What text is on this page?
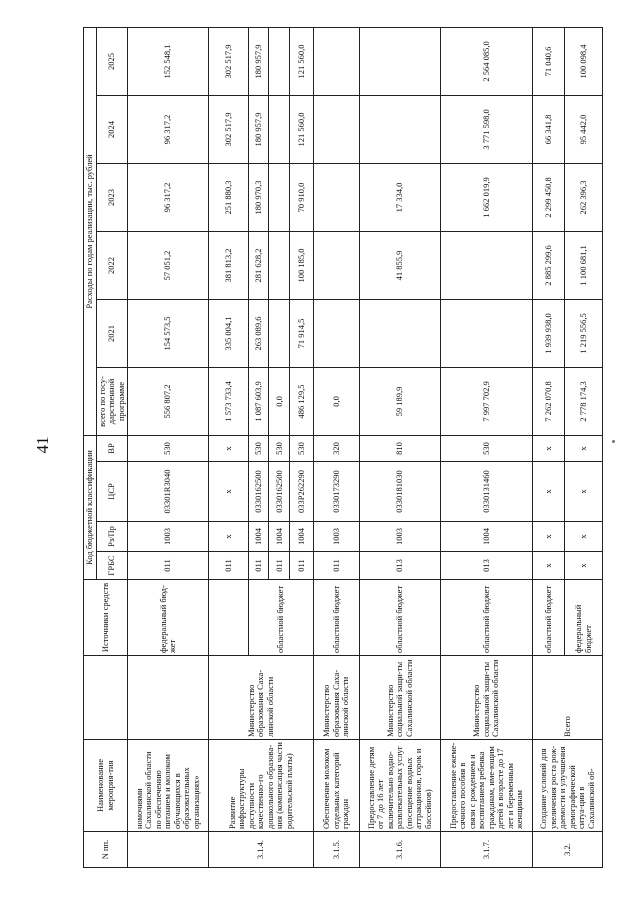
41
N пп.	Наименование мероприя-тия		Источники средств	Код бюджетной классификации				Расходы по годам реализации, тыс. рублей					
				ГРБС	Рз/Пр	ЦСР	ВР	всего по госу-дарственной программе	2021	2022	2023	2024	2025
	номочиями Сахалинской области по обеспечению питанием и молоком обучающихся в образовательных организациях»		федеральный бюд-жет	011	1003	03301R3040	530	556 807,2	154 573,5	57 051,2	96 317,2	96 317,2	152 548,1
3.1.4.	Развитие инфраструктуры доступности качественно-го дошкольного образова-ния (компенсация части родительской платы)	Министерство образования Саха-линской области		011	x	x	x	1 573 733,4	335 004,1	381 813,2	251 880,3	302 517,9	302 517,9
			областной бюджет	011	1004	0330162500	530	1 087 603,9	263 089,6	281 628,2	180 970,3	180 957,9	180 957,9
				011	1004	0330162500	530	0,0					
				011	1004	033P262290	530	486 129,5	71 914,5	100 185,0	70 910,0	121 560,0	121 560,0
3.1.5.	Обеспечение молоком отдельных категорий граждан	Министерство образования Саха-линской области	областной бюджет	011	1003	0330173290	320	0,0					
3.1.6.	Предоставление детям от 7 до 16 лет включительно водно-развлекательных услуг (посещение водных аттракционов, горок и бассейнов)	Министерство социальной защи-ты Сахалинской области	областной бюджет	013	1003	0330181030	810	59 189,9		41 855,9	17 334,0		
3.1.7.	Предоставление ежеме-сячного пособия в связи с рождением и воспитанием ребенка гражданам, име-ющим детей в возрасте до 17 лет и беременным женщинам	Министерство социальной защи-ты Сахалинской области	областной бюджет	013	1004	0330131460	530	7 997 702,9			1 662 019,9	3 771 598,0	2 564 085,0
3.2.	Создание условий для увеличения роста рож-даемости и улучшения демографической ситуа-ции в Сахалинской об-	Всего	областной бюджет	x	x	x	x	7 262 070,8	1 939 938,0	2 885 299,6	2 299 450,8	66 341,8	71 040,6
			федеральный бюджет	x	x	x	x	2 778 174,3	1 219 556,5	1 100 681,1	262 396,3	95 442,0	100 098,4
